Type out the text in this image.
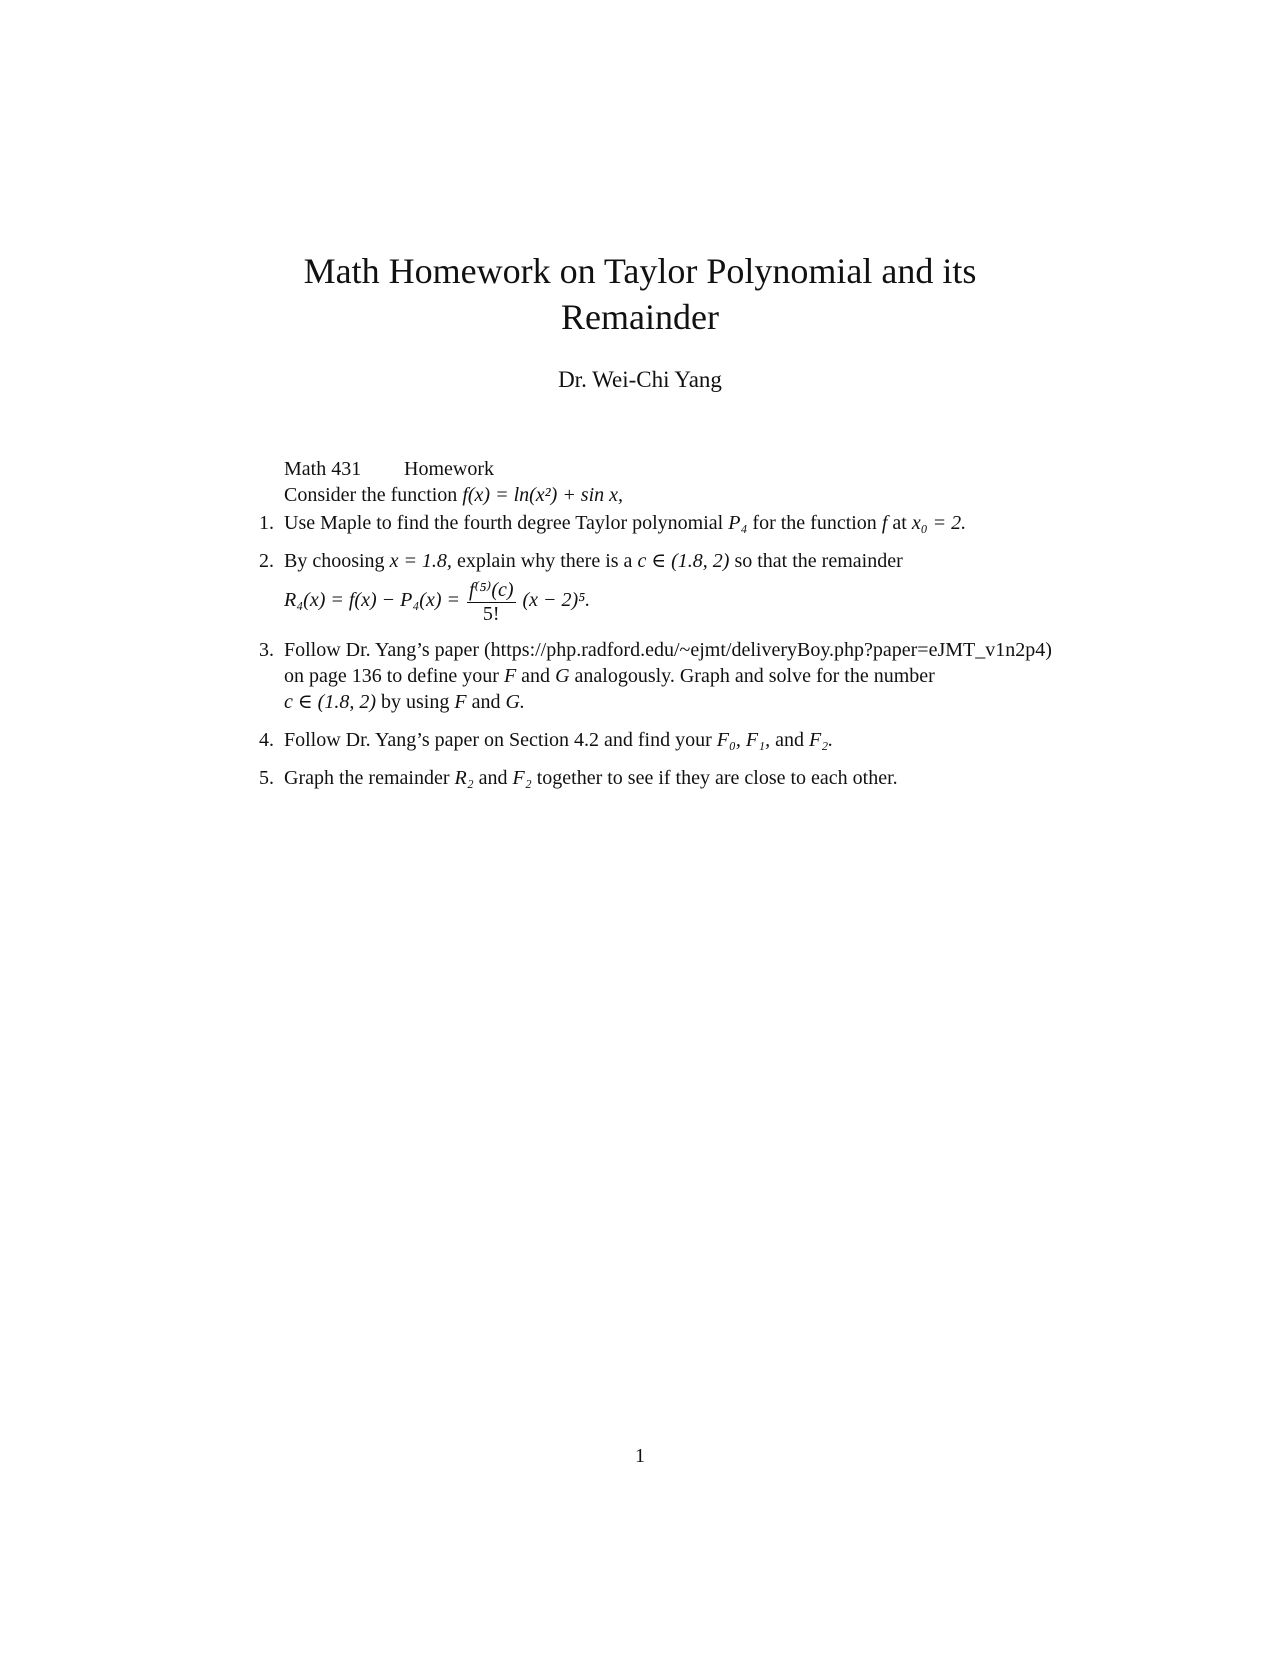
Math Homework on Taylor Polynomial and its
Remainder
Dr. Wei-Chi Yang
Math 431 Homework
Consider the function f(x) = ln(x²) + sin x,
1. Use Maple to find the fourth degree Taylor polynomial P₄ for the function f at x₀ = 2.
2. By choosing x = 1.8, explain why there is a c ∈ (1.8, 2) so that the remainder
$R_4(x) = f(x) - P_4(x) = \frac{\text{f⁽⁵⁾(c)}}{5!} (x - 2)^5$.
3. Follow Dr. Yang’s paper (https://php.radford.edu/~ejmt/deliveryBoy.php?paper=eJMT_v1n2p4)
on page 136 to define your F and G analogously. Graph and solve for the number
c ∈ (1.8, 2) by using F and G.
4. Follow Dr. Yang’s paper on Section 4.2 and find your F₀, F₁, and F₂.
5. Graph the remainder R₂ and F₂ together to see if they are close to each other.
1
